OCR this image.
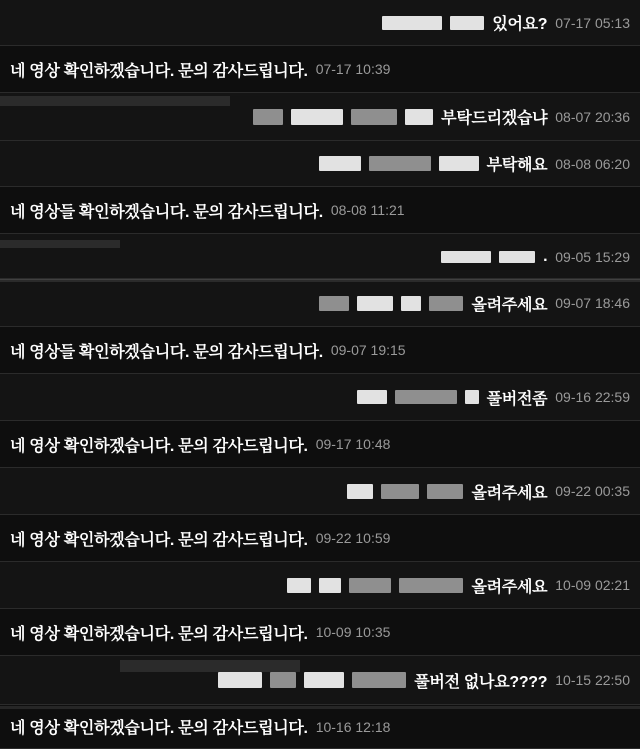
있어요? 07-17 05:13
네 영상 확인하겠습니다. 문의 감사드립니다. 07-17 10:39
부탁드리겠습냐 08-07 20:36
부탁해요 08-08 06:20
네 영상들 확인하겠습니다. 문의 감사드립니다. 08-08 11:21
. 09-05 15:29
올려주세요 09-07 18:46
네 영상들 확인하겠습니다. 문의 감사드립니다. 09-07 19:15
풀버전좀 09-16 22:59
네 영상 확인하겠습니다. 문의 감사드립니다. 09-17 10:48
올려주세요 09-22 00:35
네 영상 확인하겠습니다. 문의 감사드립니다. 09-22 10:59
올려주세요 10-09 02:21
네 영상 확인하겠습니다. 문의 감사드립니다. 10-09 10:35
풀버전 없나요???? 10-15 22:50
네 영상 확인하겠습니다. 문의 감사드립니다. 10-16 12:18
